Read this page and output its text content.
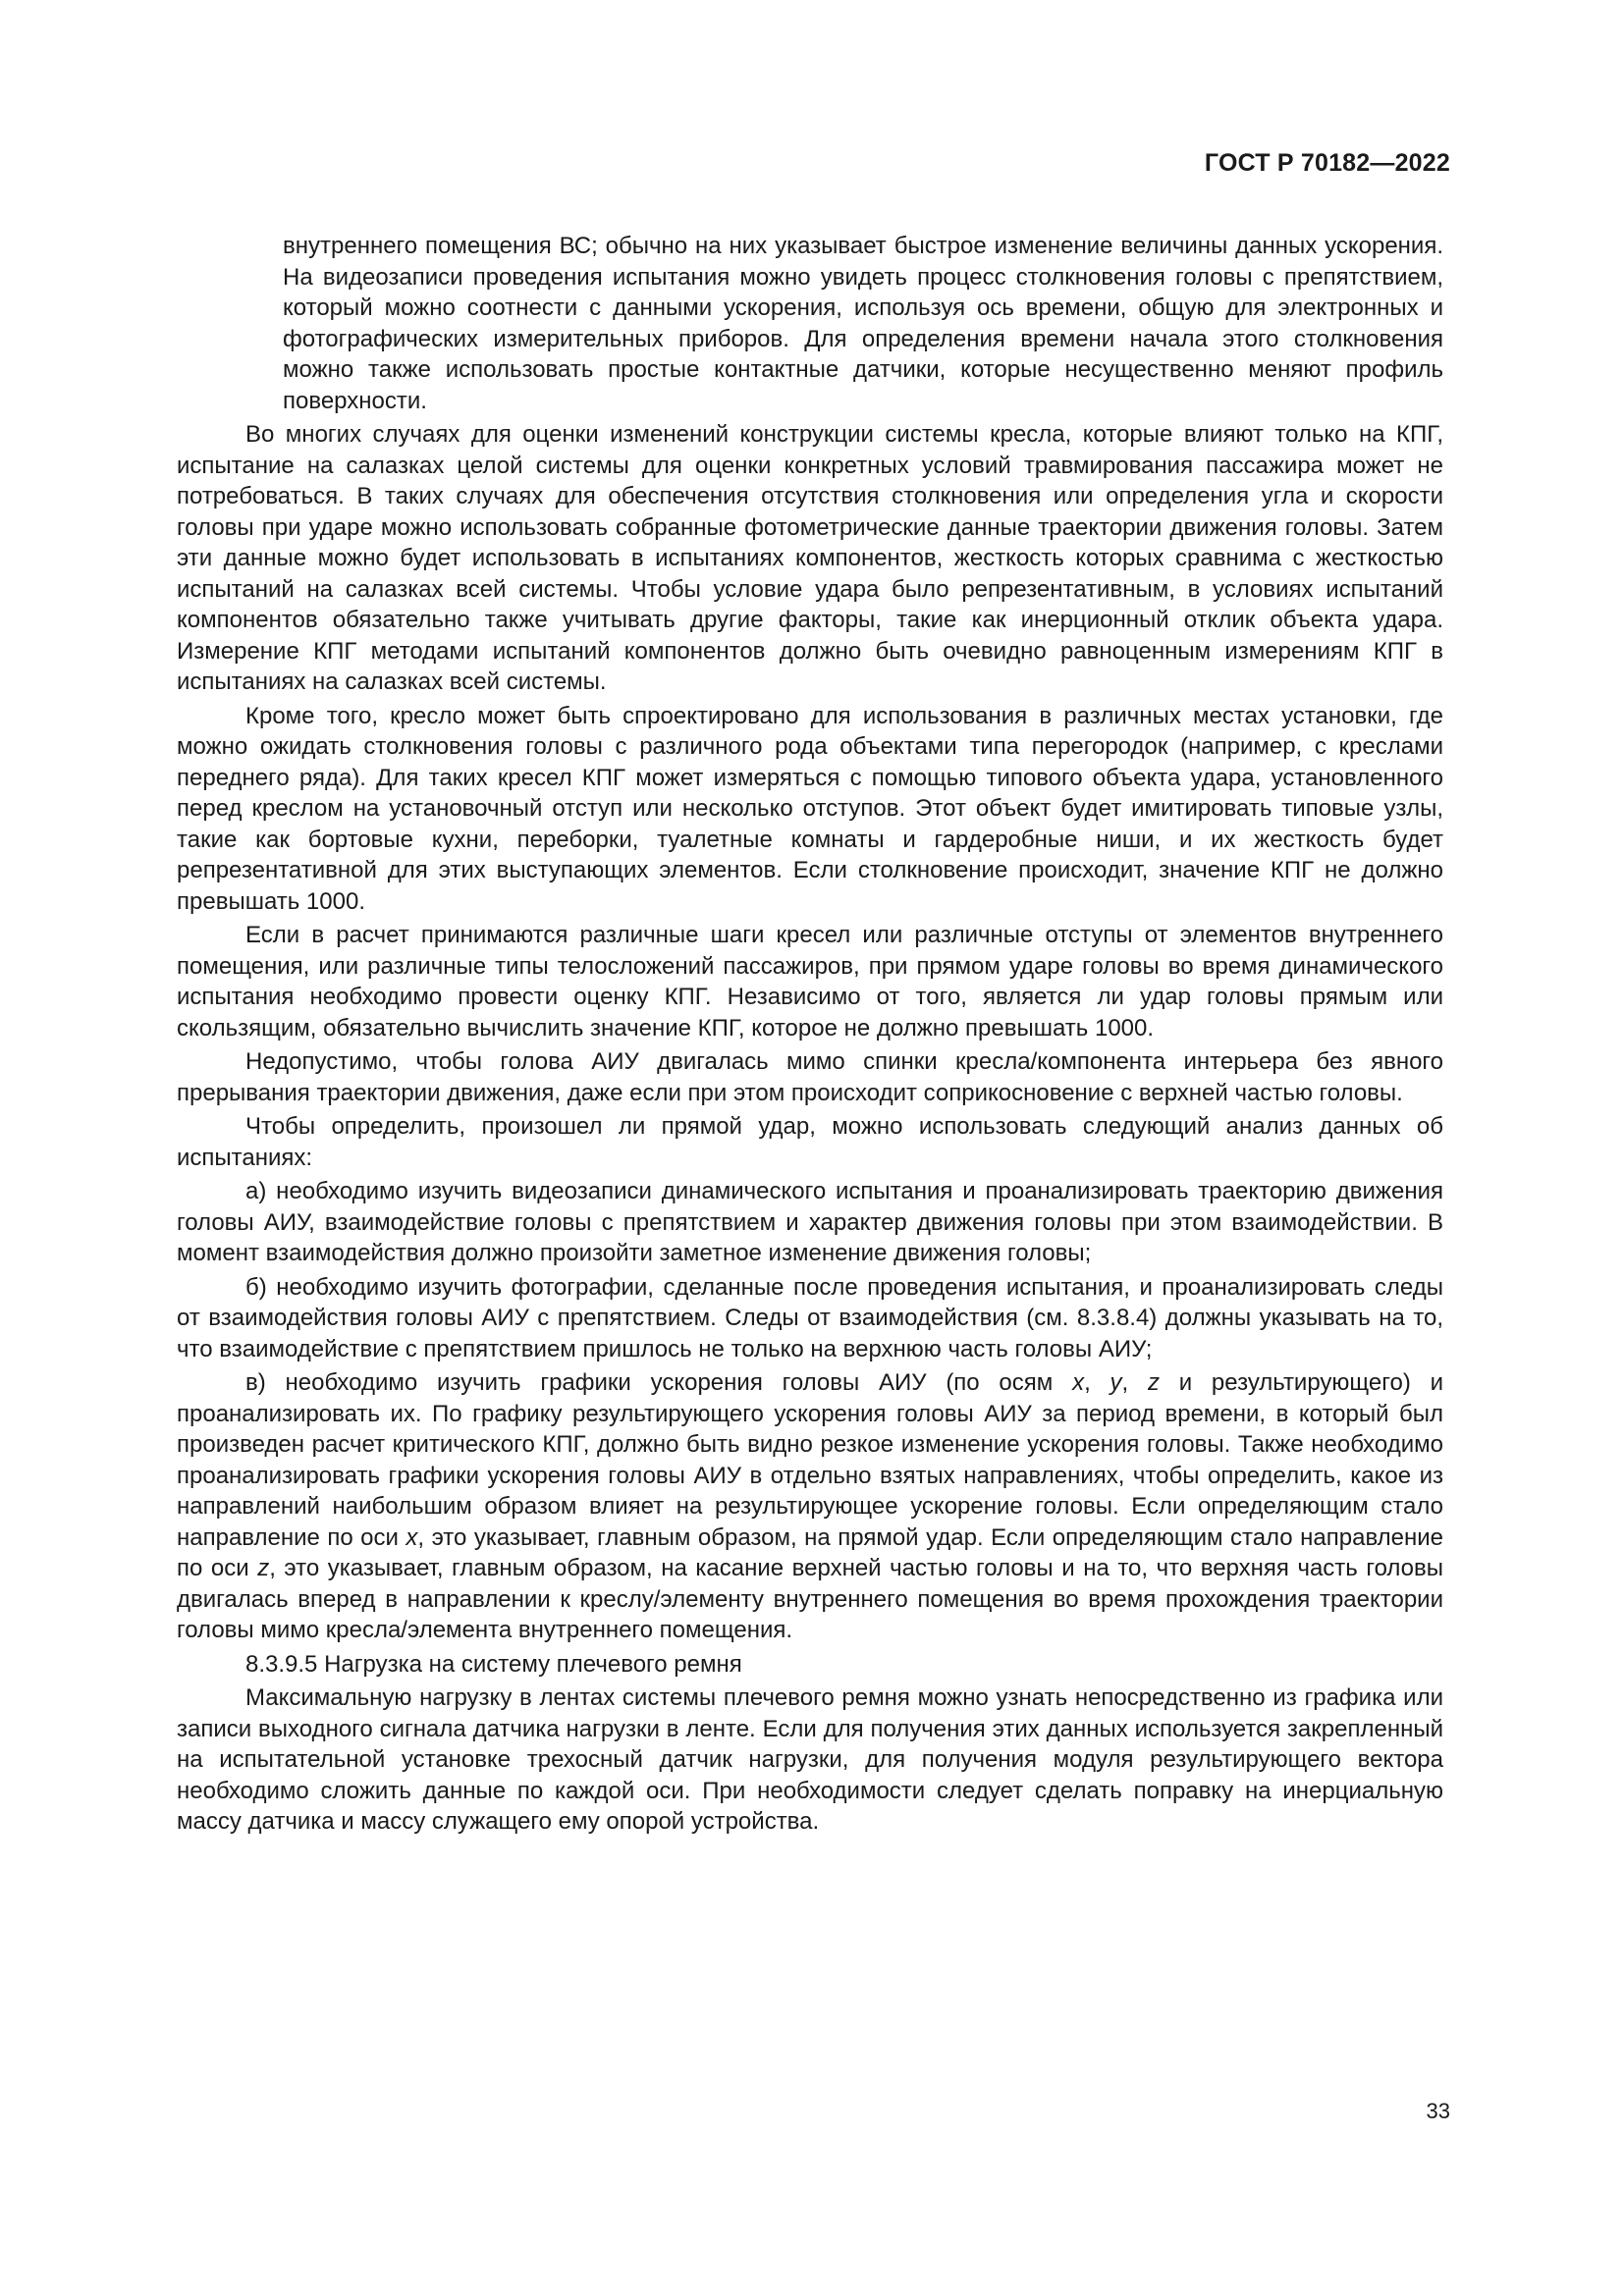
ГОСТ Р 70182—2022

внутреннего помещения ВС; обычно на них указывает быстрое изменение величины данных ускорения. На видеозаписи проведения испытания можно увидеть процесс столкновения головы с препятствием, который можно соотнести с данными ускорения, используя ось времени, общую для электронных и фотографических измерительных приборов. Для определения времени начала этого столкновения можно также использовать простые контактные датчики, которые несущественно меняют профиль поверхности.

Во многих случаях для оценки изменений конструкции системы кресла, которые влияют только на КПГ, испытание на салазках целой системы для оценки конкретных условий травмирования пассажира может не потребоваться. В таких случаях для обеспечения отсутствия столкновения или определения угла и скорости головы при ударе можно использовать собранные фотометрические данные траектории движения головы. Затем эти данные можно будет использовать в испытаниях компонентов, жесткость которых сравнима с жесткостью испытаний на салазках всей системы. Чтобы условие удара было репрезентативным, в условиях испытаний компонентов обязательно также учитывать другие факторы, такие как инерционный отклик объекта удара. Измерение КПГ методами испытаний компонентов должно быть очевидно равноценным измерениям КПГ в испытаниях на салазках всей системы.

Кроме того, кресло может быть спроектировано для использования в различных местах установки, где можно ожидать столкновения головы с различного рода объектами типа перегородок (например, с креслами переднего ряда). Для таких кресел КПГ может измеряться с помощью типового объекта удара, установленного перед креслом на установочный отступ или несколько отступов. Этот объект будет имитировать типовые узлы, такие как бортовые кухни, переборки, туалетные комнаты и гардеробные ниши, и их жесткость будет репрезентативной для этих выступающих элементов. Если столкновение происходит, значение КПГ не должно превышать 1000.

Если в расчет принимаются различные шаги кресел или различные отступы от элементов внутреннего помещения, или различные типы телосложений пассажиров, при прямом ударе головы во время динамического испытания необходимо провести оценку КПГ. Независимо от того, является ли удар головы прямым или скользящим, обязательно вычислить значение КПГ, которое не должно превышать 1000.

Недопустимо, чтобы голова АИУ двигалась мимо спинки кресла/компонента интерьера без явного прерывания траектории движения, даже если при этом происходит соприкосновение с верхней частью головы.

Чтобы определить, произошел ли прямой удар, можно использовать следующий анализ данных об испытаниях:

а) необходимо изучить видеозаписи динамического испытания и проанализировать траекторию движения головы АИУ, взаимодействие головы с препятствием и характер движения головы при этом взаимодействии. В момент взаимодействия должно произойти заметное изменение движения головы;

б) необходимо изучить фотографии, сделанные после проведения испытания, и проанализировать следы от взаимодействия головы АИУ с препятствием. Следы от взаимодействия (см. 8.3.8.4) должны указывать на то, что взаимодействие с препятствием пришлось не только на верхнюю часть головы АИУ;

в) необходимо изучить графики ускорения головы АИУ (по осям x, y, z и результирующего) и проанализировать их. По графику результирующего ускорения головы АИУ за период времени, в который был произведен расчет критического КПГ, должно быть видно резкое изменение ускорения головы. Также необходимо проанализировать графики ускорения головы АИУ в отдельно взятых направлениях, чтобы определить, какое из направлений наибольшим образом влияет на результирующее ускорение головы. Если определяющим стало направление по оси x, это указывает, главным образом, на прямой удар. Если определяющим стало направление по оси z, это указывает, главным образом, на касание верхней частью головы и на то, что верхняя часть головы двигалась вперед в направлении к креслу/элементу внутреннего помещения во время прохождения траектории головы мимо кресла/элемента внутреннего помещения.

8.3.9.5 Нагрузка на систему плечевого ремня

Максимальную нагрузку в лентах системы плечевого ремня можно узнать непосредственно из графика или записи выходного сигнала датчика нагрузки в ленте. Если для получения этих данных используется закрепленный на испытательной установке трехосный датчик нагрузки, для получения модуля результирующего вектора необходимо сложить данные по каждой оси. При необходимости следует сделать поправку на инерциальную массу датчика и массу служащего ему опорой устройства.

33
